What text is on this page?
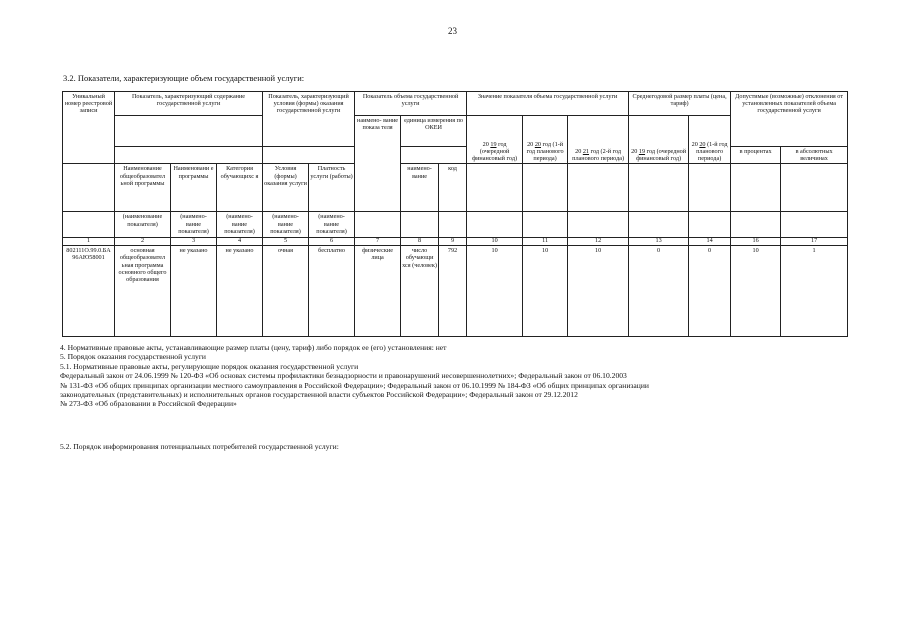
23
3.2. Показатели, характеризующие объем государственной услуги:
Уникальный номер реестровой записи	Показатель, характеризующий содержание государственной услуги			Показатель, характеризующий условия (формы) оказания государственной услуги		Показатель объема государственной услуги			Значение показателя объема государственной услуги			Среднегодовой размер платы (цена, тариф)		Допустимые (возможные) отклонения от установленных показателей объема государственной услуги	
						наимено- вание показа теля	единица измерения по ОКЕИ		20 19 год (очередной финансовый год)	20 20 год (1-й год планового периода)	20 21 год (2-й год планового периода)	20 19 год (очередной финансовый год)	20 20 (1-й год планового периода)		
														в процентах	в абсолютных величинах
	Наименование общеобразовател ьной программы	Наименовани е программы	Категория обучающихс я	Условия (формы) оказания услуги	Платность услуги (работы)		наимено- вание	код							
	(наименование показателя)	(наимено- вание показателя)	(наимено- вание показателя)	(наимено- вание показателя)	(наимено- вание показателя)										
1	2	3	4	5	6	7	8	9	10	11	12	13	14	16	17
802111О.99.0.БА 96АЮ58001	основная общеобразовател ьная программа основного общего образования	не указано	не указано	очная	бесплатно	физические лица	число обучающи хся (человек)	792	10	10	10	0	0	10	1
4. Нормативные правовые акты, устанавливающие размер платы (цену, тариф) либо порядок ее (его) установления: нет
5. Порядок оказания государственной услуги
5.1. Нормативные правовые акты, регулирующие порядок оказания государственной услуги
Федеральный закон от 24.06.1999 № 120-ФЗ «Об основах системы профилактики безнадзорности и правонарушений несовершеннолетних»; Федеральный закон от 06.10.2003
№ 131-ФЗ «Об общих принципах организации местного самоуправления в Российской Федерации»; Федеральный закон от 06.10.1999 № 184-ФЗ «Об общих принципах организации
законодательных (представительных) и исполнительных органов государственной власти субъектов Российской Федерации»; Федеральный закон от 29.12.2012
№ 273-ФЗ «Об образовании в Российской Федерации»
5.2. Порядок информирования потенциальных потребителей государственной услуги:
